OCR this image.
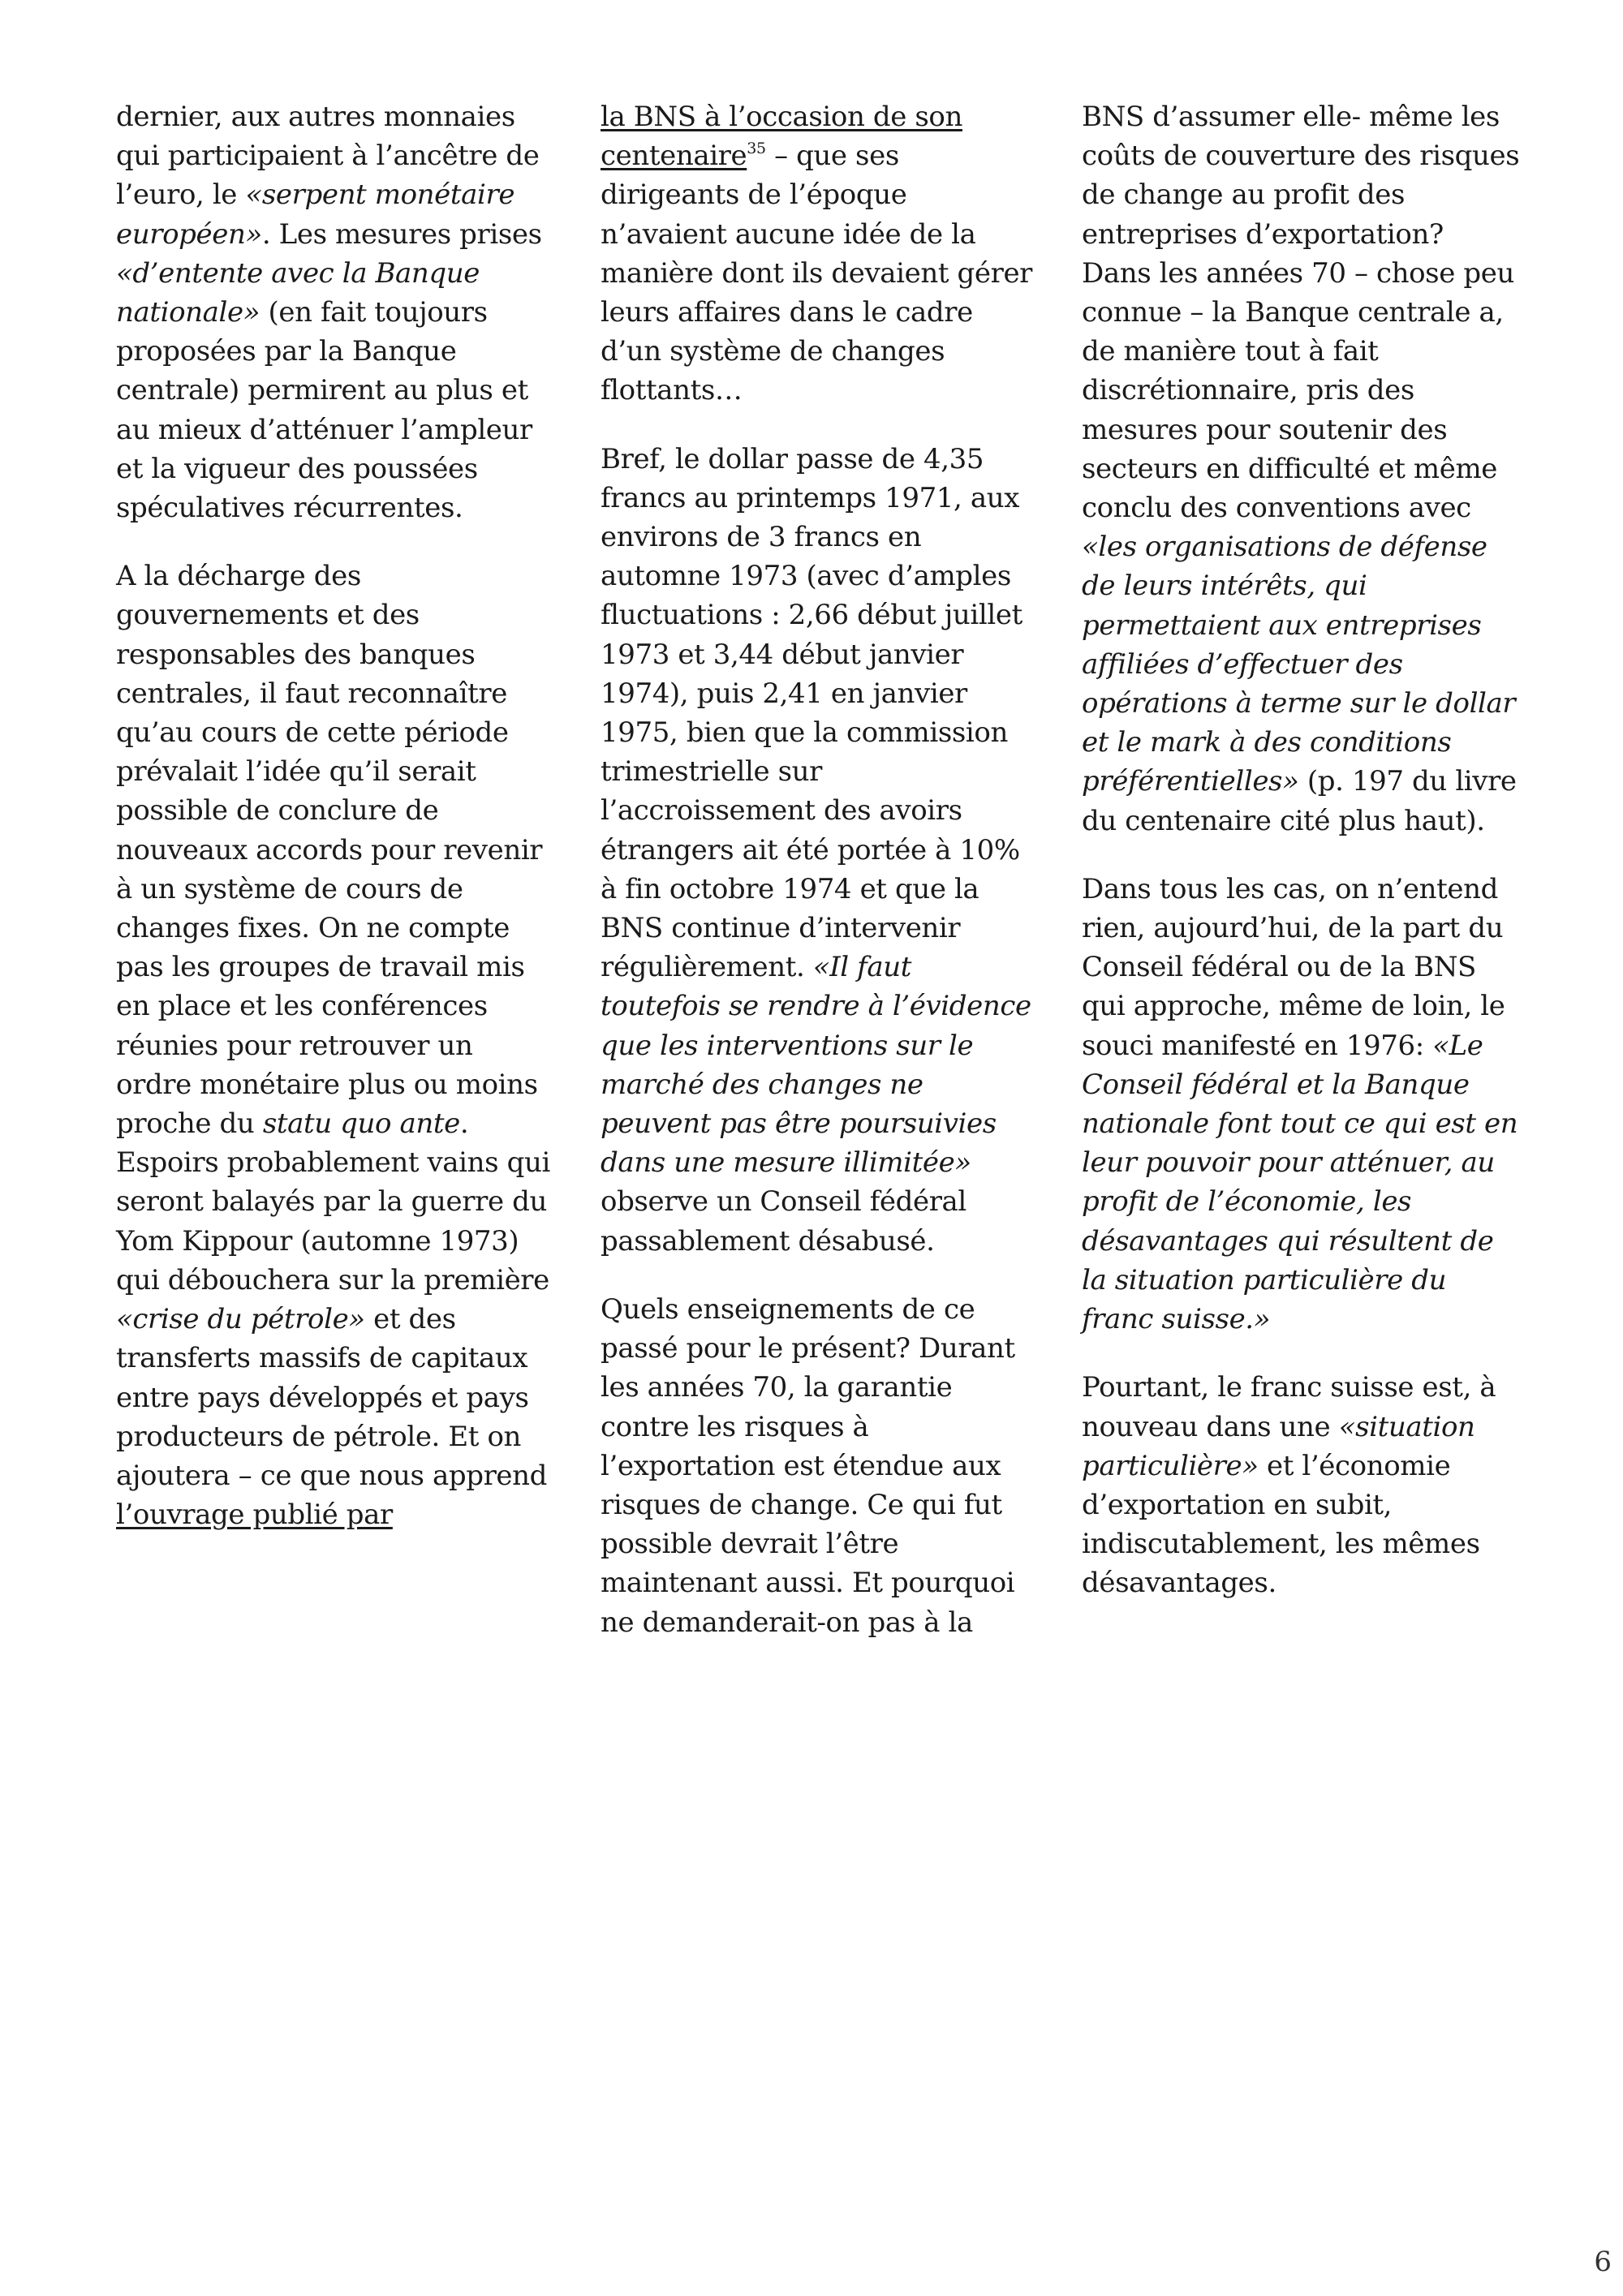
dernier, aux autres monnaies qui participaient à l’ancêtre de l’euro, le «serpent monétaire européen». Les mesures prises «d’entente avec la Banque nationale» (en fait toujours proposées par la Banque centrale) permirent au plus et au mieux d’atténuer l’ampleur et la vigueur des poussées spéculatives récurrentes.

A la décharge des gouvernements et des responsables des banques centrales, il faut reconnaître qu’au cours de cette période prévalait l’idée qu’il serait possible de conclure de nouveaux accords pour revenir à un système de cours de changes fixes. On ne compte pas les groupes de travail mis en place et les conférences réunies pour retrouver un ordre monétaire plus ou moins proche du statu quo ante. Espoirs probablement vains qui seront balayés par la guerre du Yom Kippour (automne 1973) qui débouchera sur la première «crise du pétrole» et des transferts massifs de capitaux entre pays développés et pays producteurs de pétrole. Et on ajoutera – ce que nous apprend l’ouvrage publié par

la BNS à l’occasion de son centenaire$^{35}$ – que ses dirigeants de l’époque n’avaient aucune idée de la manière dont ils devaient gérer leurs affaires dans le cadre d’un système de changes flottants…

Bref, le dollar passe de 4,35 francs au printemps 1971, aux environs de 3 francs en automne 1973 (avec d’amples fluctuations : 2,66 début juillet 1973 et 3,44 début janvier 1974), puis 2,41 en janvier 1975, bien que la commission trimestrielle sur l’accroissement des avoirs étrangers ait été portée à 10% à fin octobre 1974 et que la BNS continue d’intervenir régulièrement. «Il faut toutefois se rendre à l’évidence que les interventions sur le marché des changes ne peuvent pas être poursuivies dans une mesure illimitée» observe un Conseil fédéral passablement désabusé.

Quels enseignements de ce passé pour le présent? Durant les années 70, la garantie contre les risques à l’exportation est étendue aux risques de change. Ce qui fut possible devrait l’être maintenant aussi. Et pourquoi ne demanderait-on pas à la

BNS d’assumer elle- même les coûts de couverture des risques de change au profit des entreprises d’exportation? Dans les années 70 – chose peu connue – la Banque centrale a, de manière tout à fait discrétionnaire, pris des mesures pour soutenir des secteurs en difficulté et même conclu des conventions avec «les organisations de défense de leurs intérêts, qui permettaient aux entreprises affiliées d’effectuer des opérations à terme sur le dollar et le mark à des conditions préférentielles» (p. 197 du livre du centenaire cité plus haut).

Dans tous les cas, on n’entend rien, aujourd’hui, de la part du Conseil fédéral ou de la BNS qui approche, même de loin, le souci manifesté en 1976: «Le Conseil fédéral et la Banque nationale font tout ce qui est en leur pouvoir pour atténuer, au profit de l’économie, les désavantages qui résultent de la situation particulière du franc suisse.»

Pourtant, le franc suisse est, à nouveau dans une «situation particulière» et l’économie d’exportation en subit, indiscutablement, les mêmes désavantages.

6
